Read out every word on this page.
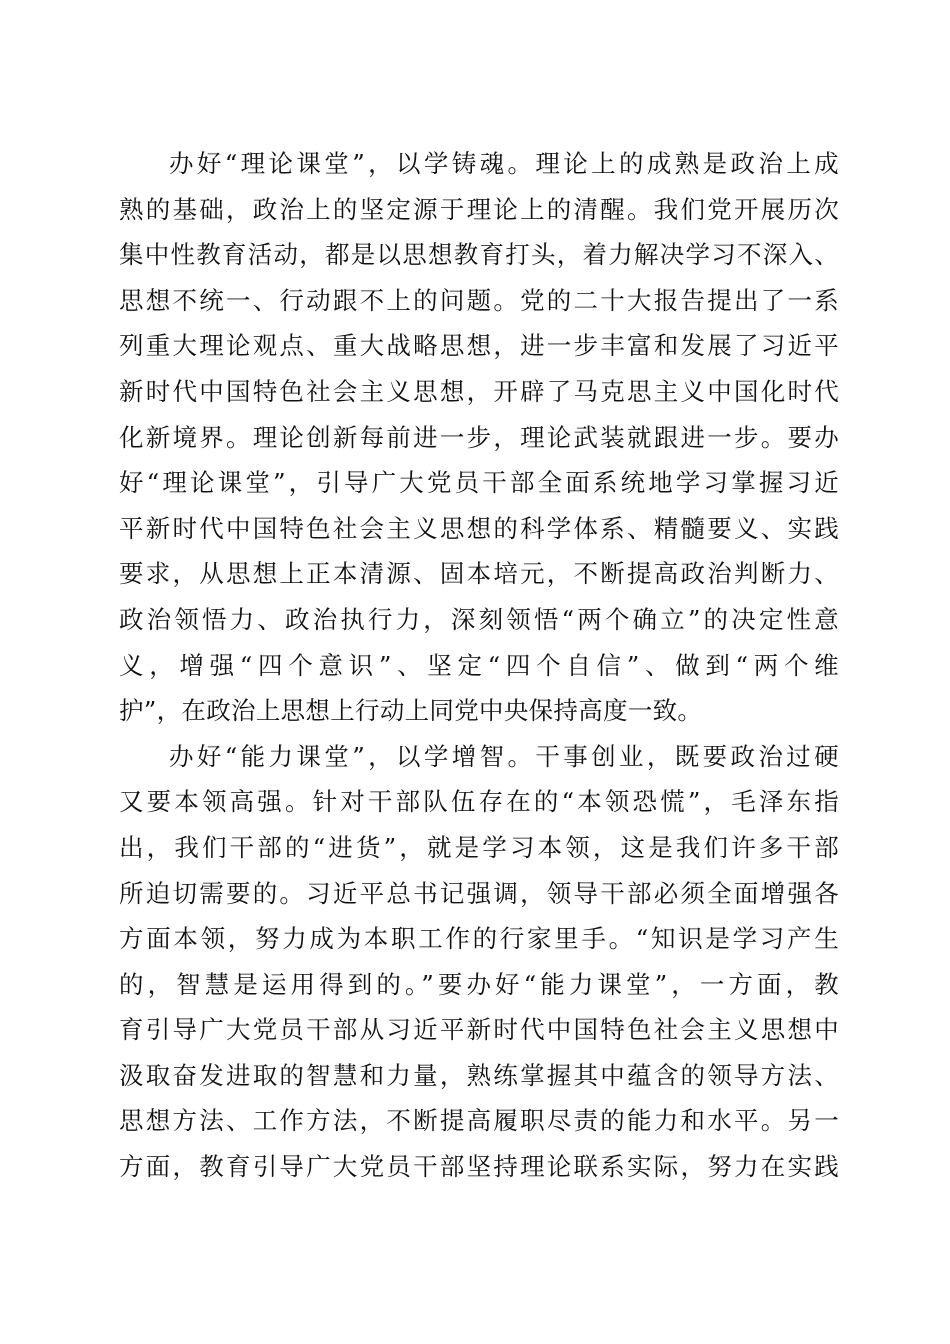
办好“理论课堂”，以学铸魂。理论上的成熟是政治上成
熟的基础，政治上的坚定源于理论上的清醒。我们党开展历次
集中性教育活动，都是以思想教育打头，着力解决学习不深入、
思想不统一、行动跟不上的问题。党的二十大报告提出了一系
列重大理论观点、重大战略思想，进一步丰富和发展了习近平
新时代中国特色社会主义思想，开辟了马克思主义中国化时代
化新境界。理论创新每前进一步，理论武装就跟进一步。要办
好“理论课堂”，引导广大党员干部全面系统地学习掌握习近
平新时代中国特色社会主义思想的科学体系、精髓要义、实践
要求，从思想上正本清源、固本培元，不断提高政治判断力、
政治领悟力、政治执行力，深刻领悟“两个确立”的决定性意
义，增强“四个意识”、坚定“四个自信”、做到“两个维
护”，在政治上思想上行动上同党中央保持高度一致。
办好“能力课堂”，以学增智。干事创业，既要政治过硬
又要本领高强。针对干部队伍存在的“本领恐慌”，毛泽东指
出，我们干部的“进货”，就是学习本领，这是我们许多干部
所迫切需要的。习近平总书记强调，领导干部必须全面增强各
方面本领，努力成为本职工作的行家里手。“知识是学习产生
的，智慧是运用得到的。”要办好“能力课堂”，一方面，教
育引导广大党员干部从习近平新时代中国特色社会主义思想中
汲取奋发进取的智慧和力量，熟练掌握其中蕴含的领导方法、
思想方法、工作方法，不断提高履职尽责的能力和水平。另一
方面，教育引导广大党员干部坚持理论联系实际，努力在实践
